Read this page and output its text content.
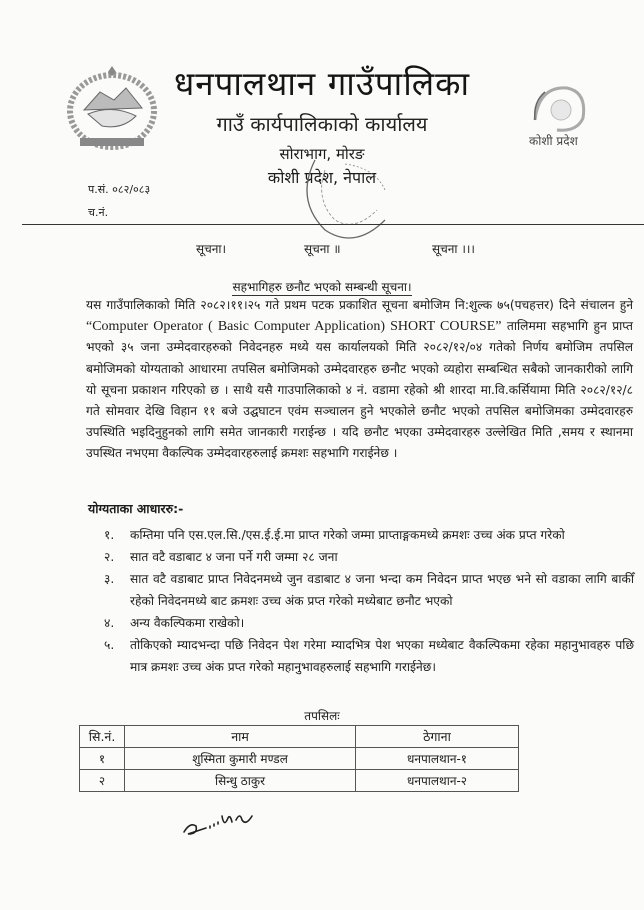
कोशी प्रदेश
धनपालथान गाउँपालिका
गाउँ कार्यपालिकाको कार्यालय
सोराभाग, मोरङ
कोशी प्रदेश, नेपाल
प.सं. ०८२/०८३
च.नं.
सूचना।	सूचना ॥	सूचना ।।।
सहभागिहरु छनौट भएको सम्बन्धी सूचना।
यस गाउँपालिकाको मिति २०८२।११।२५ गते प्रथम पटक प्रकाशित सूचना बमोजिम नि:शुल्क ७५(पचहत्तर) दिने संचालन हुने “Computer Operator ( Basic Computer Application) SHORT COURSE” तालिममा सहभागि हुन प्राप्त भएको ३५ जना उम्मेदवारहरुको निवेदनहरु मध्ये यस कार्यालयको मिति २०८२/१२/०४ गतेको निर्णय बमोजिम तपसिल बमोजिमको योग्यताको आधारमा तपसिल बमोजिमको उम्मेदवारहरु छनौट भएको व्यहोरा सम्बन्धित सबैको जानकारीको लागि यो सूचना प्रकाशन गरिएको छ । साथै यसै गाउपालिकाको ४ नं. वडामा रहेको श्री शारदा मा.वि.कर्सियामा मिति २०८२/१२/८ गते सोमवार देखि विहान ११ बजे उद्घघाटन एवंम सञ्चालन हुने भएकोले छनौट भएको तपसिल बमोजिमका उम्मेदवारहरु उपस्थिति भइदिनुहुनको लागि समेत जानकारी गराईन्छ । यदि छनौट भएका उम्मेदवारहरु उल्लेखित मिति ,समय र स्थानमा उपस्थित नभएमा वैकल्पिक उम्मेदवारहरुलाई क्रमशः सहभागि गराईनेछ ।
योग्यताका आधाररु:-
१. कम्तिमा पनि एस.एल.सि./एस.ई.ई.मा प्राप्त गरेको जम्मा प्राप्ताङ्गकमध्ये क्रमशः उच्च अंक प्रप्त गरेको
२. सात वटै वडाबाट ४ जना पर्ने गरी जम्मा २८ जना
३. सात वटै वडाबाट प्राप्त निवेदनमध्ये जुन वडाबाट ४ जना भन्दा कम निवेदन प्राप्त भएछ भने सो वडाका लागि बाकीँ रहेको निवेदनमध्ये बाट क्रमशः उच्च अंक प्रप्त गरेको मध्येबाट छनौट भएको
४. अन्य वैकल्पिकमा राखेको।
५. तोकिएको म्यादभन्दा पछि निवेदन पेश गरेमा म्यादभित्र पेश भएका मध्येबाट वैकल्पिकमा रहेका महानुभावहरु पछि मात्र क्रमशः उच्च अंक प्रप्त गरेको महानुभावहरुलाई सहभागि गराईनेछ।
तपसिलः
सि.नं.	नाम	ठेगाना
१	शुस्मिता कुमारी मण्डल	धनपालथान-१
२	सिन्धु ठाकुर	धनपालथान-२
